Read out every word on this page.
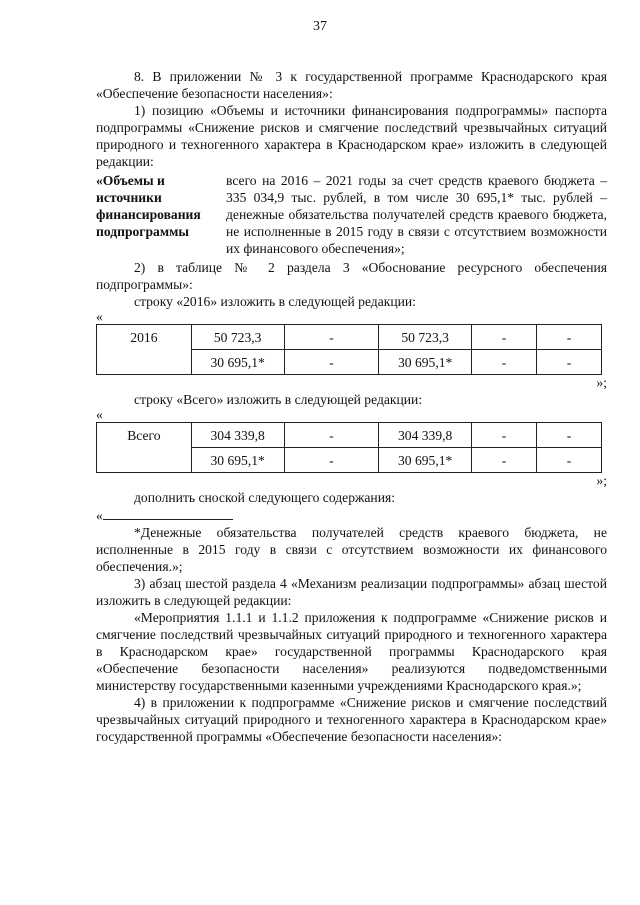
37

8. В приложении № 3 к государственной программе Краснодарского края «Обеспечение безопасности населения»:

1) позицию «Объемы и источники финансирования подпрограммы» паспорта подпрограммы «Снижение рисков и смягчение последствий чрезвычайных ситуаций природного и техногенного характера в Краснодарском крае» изложить в следующей редакции:

«Объемы и источники финансирования подпрограммы
всего на 2016 – 2021 годы за счет средств краевого бюджета – 335 034,9 тыс. рублей, в том числе 30 695,1* тыс. рублей – денежные обязательства получателей средств краевого бюджета, не исполненные в 2015 году в связи с отсутствием возможности их финансового обеспечения»;

2) в таблице № 2 раздела 3 «Обоснование ресурсного обеспечения подпрограммы»:

строку «2016» изложить в следующей редакции:

«
2016	50 723,3	-	50 723,3	-	-
	30 695,1*	-	30 695,1*	-	-
»;

строку «Всего» изложить в следующей редакции:

«
Всего	304 339,8	-	304 339,8	-	-
	30 695,1*	-	30 695,1*	-	-
»;

дополнить сноской следующего содержания:

«

*Денежные обязательства получателей средств краевого бюджета, не исполненные в 2015 году в связи с отсутствием возможности их финансового обеспечения.»;

3) абзац шестой раздела 4 «Механизм реализации подпрограммы» абзац шестой изложить в следующей редакции:

«Мероприятия 1.1.1 и 1.1.2 приложения к подпрограмме «Снижение рисков и смягчение последствий чрезвычайных ситуаций природного и техногенного характера в Краснодарском крае» государственной программы Краснодарского края «Обеспечение безопасности населения» реализуются подведомственными министерству государственными казенными учреждениями Краснодарского края.»;

4) в приложении к подпрограмме «Снижение рисков и смягчение последствий чрезвычайных ситуаций природного и техногенного характера в Краснодарском крае» государственной программы «Обеспечение безопасности населения»:
